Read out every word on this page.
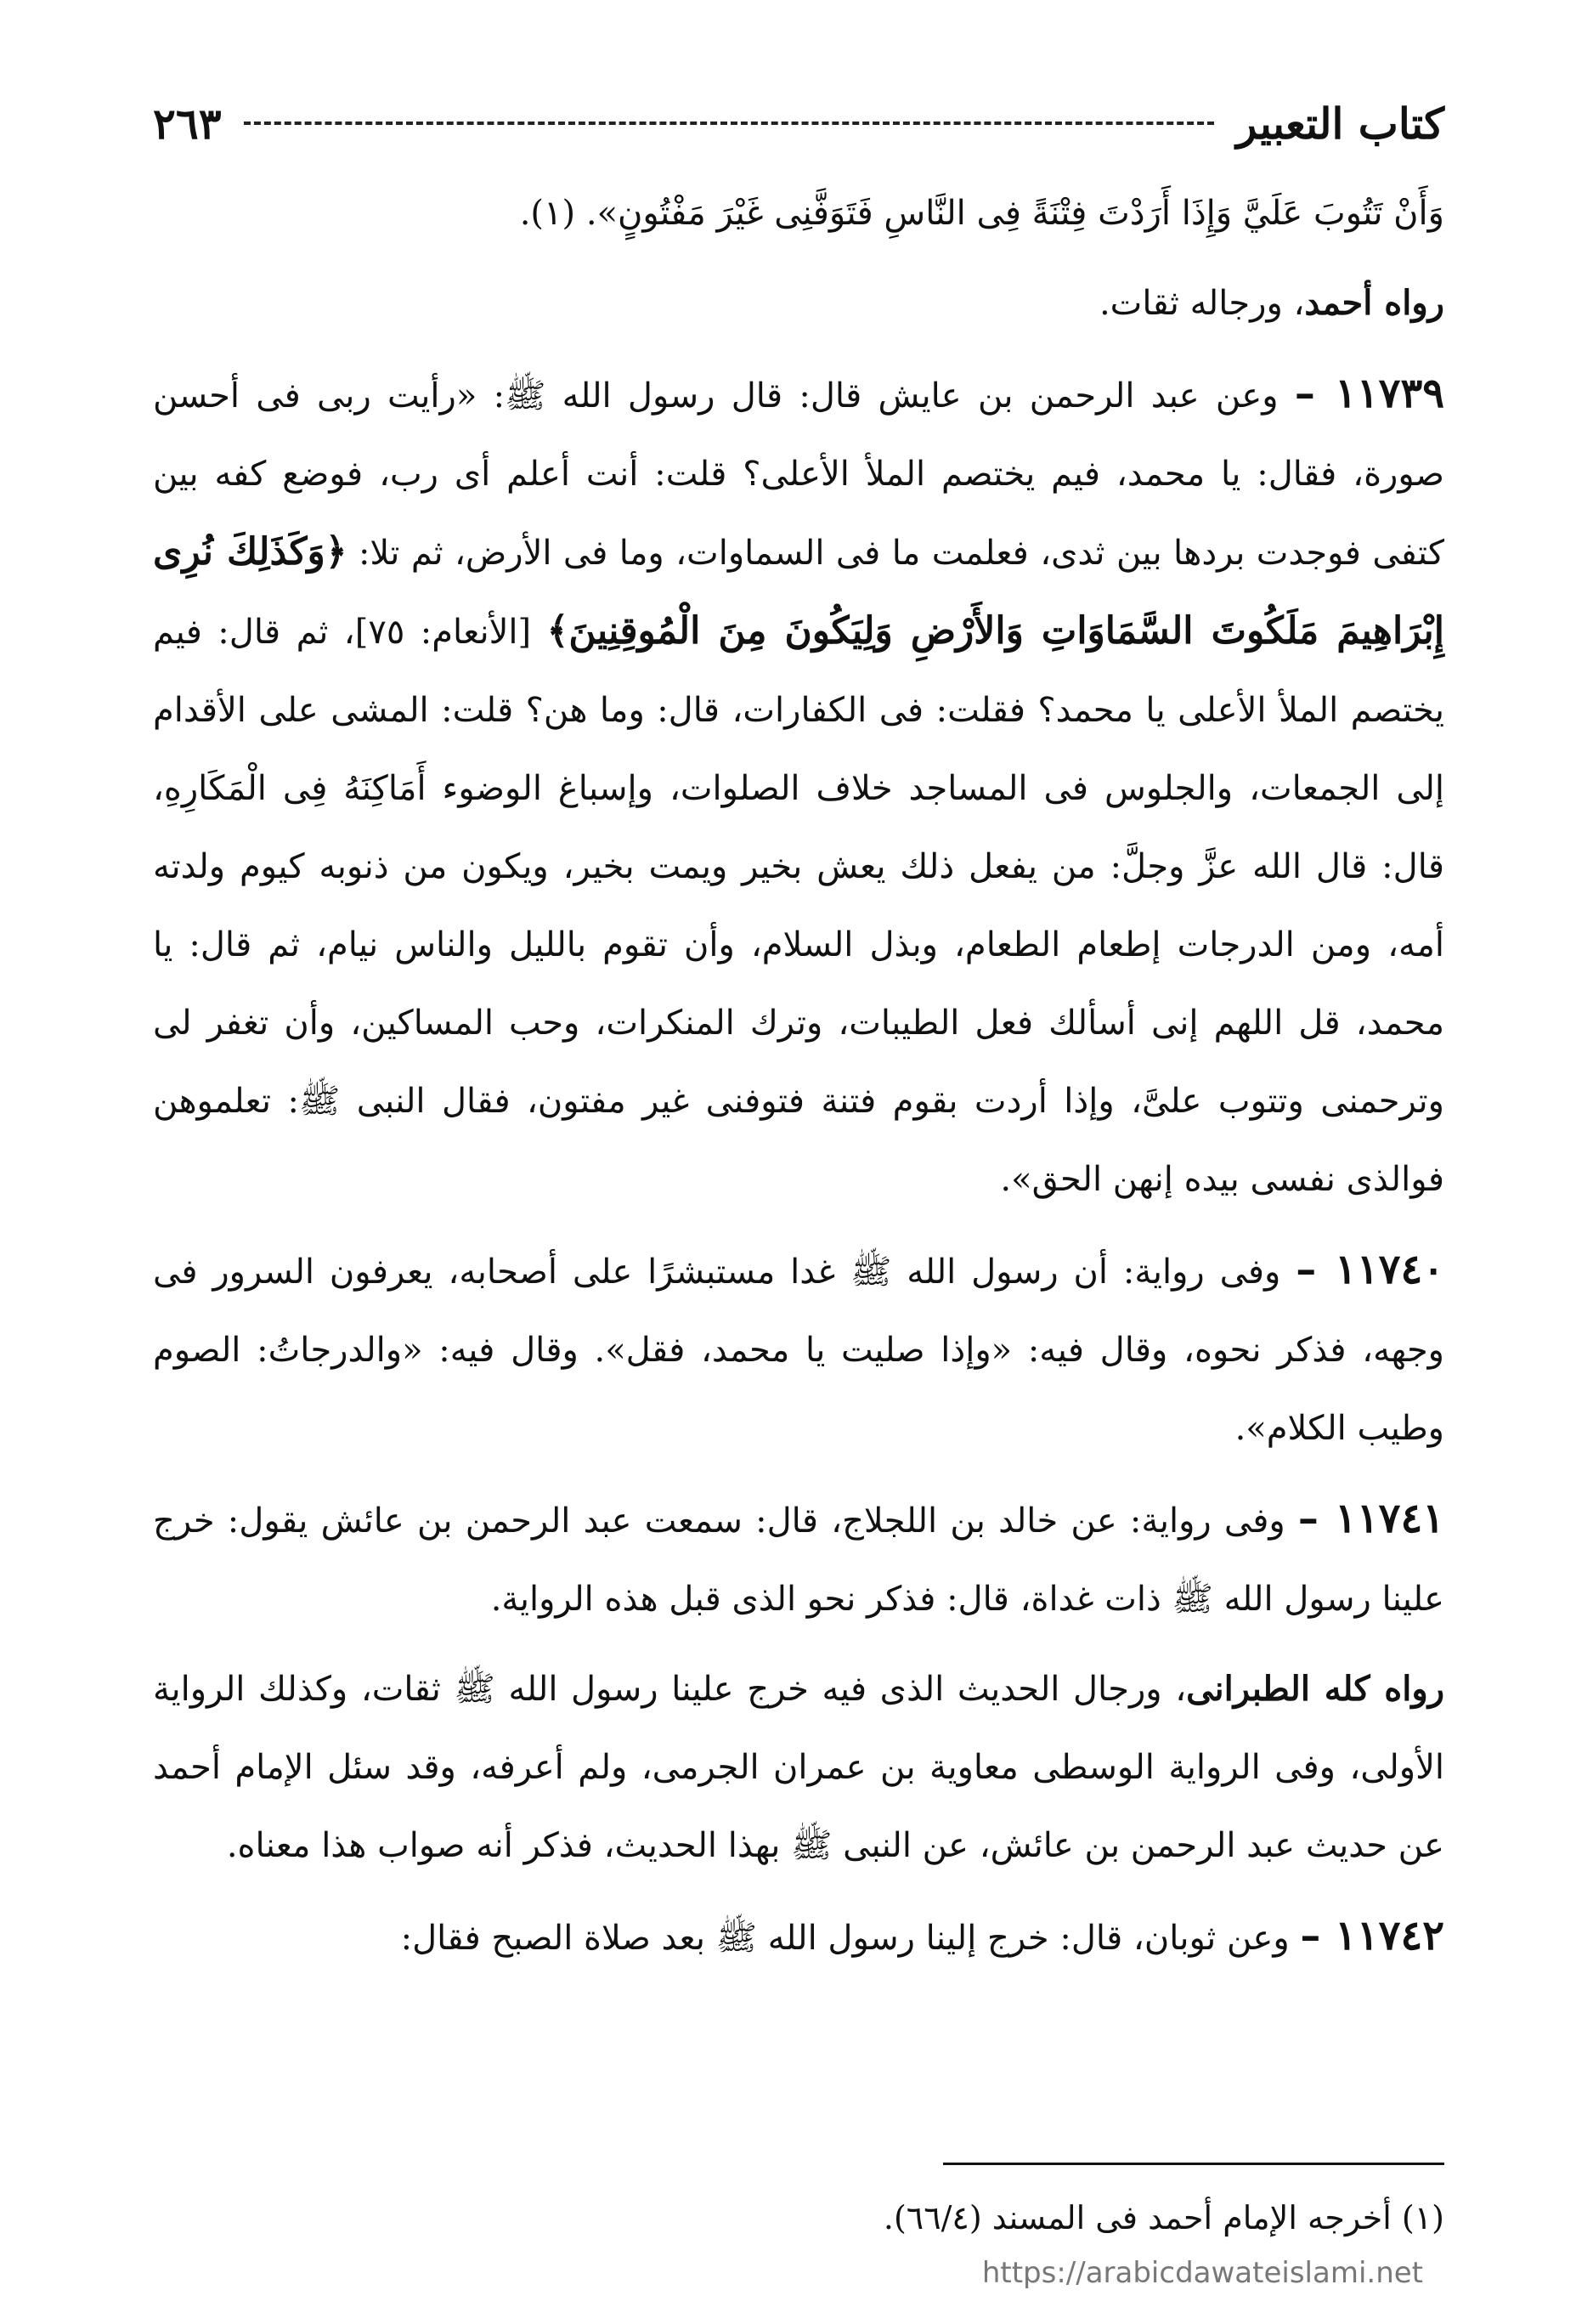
كتاب التعبير
٢٦٣

وَأَنْ تَتُوبَ عَلَيَّ وَإِذَا أَرَدْتَ فِتْنَةً فِى النَّاسِ فَتَوَفَّنِى غَيْرَ مَفْتُونٍ». (١).

رواه أحمد، ورجاله ثقات.

١١٧٣٩ – وعن عبد الرحمن بن عايش قال: قال رسول الله ﷺ: «رأيت ربى فى أحسن صورة، فقال: يا محمد، فيم يختصم الملأ الأعلى؟ قلت: أنت أعلم أى رب، فوضع كفه بين كتفى فوجدت بردها بين ثدى، فعلمت ما فى السماوات، وما فى الأرض، ثم تلا: ﴿وَكَذَلِكَ نُرِى إِبْرَاهِيمَ مَلَكُوتَ السَّمَاوَاتِ وَالأَرْضِ وَلِيَكُونَ مِنَ الْمُوقِنِينَ﴾ [الأنعام: ٧٥]، ثم قال: فيم يختصم الملأ الأعلى يا محمد؟ فقلت: فى الكفارات، قال: وما هن؟ قلت: المشى على الأقدام إلى الجمعات، والجلوس فى المساجد خلاف الصلوات، وإسباغ الوضوء أَمَاكِنَهُ فِى الْمَكَارِهِ، قال: قال الله عزَّ وجلَّ: من يفعل ذلك يعش بخير ويمت بخير، ويكون من ذنوبه كيوم ولدته أمه، ومن الدرجات إطعام الطعام، وبذل السلام، وأن تقوم بالليل والناس نيام، ثم قال: يا محمد، قل اللهم إنى أسألك فعل الطيبات، وترك المنكرات، وحب المساكين، وأن تغفر لى وترحمنى وتتوب علىَّ، وإذا أردت بقوم فتنة فتوفنى غير مفتون، فقال النبى ﷺ: تعلموهن فوالذى نفسى بيده إنهن الحق».

١١٧٤٠ – وفى رواية: أن رسول الله ﷺ غدا مستبشرًا على أصحابه، يعرفون السرور فى وجهه، فذكر نحوه، وقال فيه: «وإذا صليت يا محمد، فقل». وقال فيه: «والدرجاتُ: الصوم وطيب الكلام».

١١٧٤١ – وفى رواية: عن خالد بن اللجلاج، قال: سمعت عبد الرحمن بن عائش يقول: خرج علينا رسول الله ﷺ ذات غداة، قال: فذكر نحو الذى قبل هذه الرواية.

رواه كله الطبرانى، ورجال الحديث الذى فيه خرج علينا رسول الله ﷺ ثقات، وكذلك الرواية الأولى، وفى الرواية الوسطى معاوية بن عمران الجرمى، ولم أعرفه، وقد سئل الإمام أحمد عن حديث عبد الرحمن بن عائش، عن النبى ﷺ بهذا الحديث، فذكر أنه صواب هذا معناه.

١١٧٤٢ – وعن ثوبان، قال: خرج إلينا رسول الله ﷺ بعد صلاة الصبح فقال:

(١) أخرجه الإمام أحمد فى المسند (٦٦/٤).
https://arabicdawateislami.net
